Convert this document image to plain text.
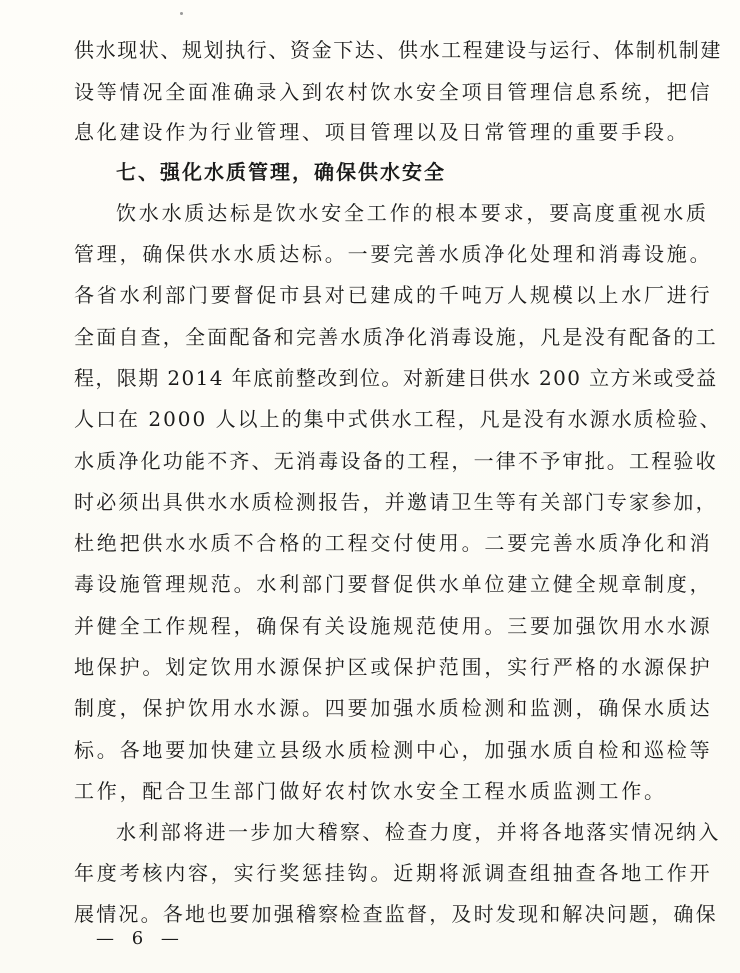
供水现状、规划执行、资金下达、供水工程建设与运行、体制机制建
设等情况全面准确录入到农村饮水安全项目管理信息系统，把信
息化建设作为行业管理、项目管理以及日常管理的重要手段。
七、强化水质管理，确保供水安全
饮水水质达标是饮水安全工作的根本要求，要高度重视水质
管理，确保供水水质达标。一要完善水质净化处理和消毒设施。
各省水利部门要督促市县对已建成的千吨万人规模以上水厂进行
全面自查，全面配备和完善水质净化消毒设施，凡是没有配备的工
程，限期 2014 年底前整改到位。对新建日供水 200 立方米或受益
人口在 2000 人以上的集中式供水工程，凡是没有水源水质检验、
水质净化功能不齐、无消毒设备的工程，一律不予审批。工程验收
时必须出具供水水质检测报告，并邀请卫生等有关部门专家参加，
杜绝把供水水质不合格的工程交付使用。二要完善水质净化和消
毒设施管理规范。水利部门要督促供水单位建立健全规章制度，
并健全工作规程，确保有关设施规范使用。三要加强饮用水水源
地保护。划定饮用水源保护区或保护范围，实行严格的水源保护
制度，保护饮用水水源。四要加强水质检测和监测，确保水质达
标。各地要加快建立县级水质检测中心，加强水质自检和巡检等
工作，配合卫生部门做好农村饮水安全工程水质监测工作。
水利部将进一步加大稽察、检查力度，并将各地落实情况纳入
年度考核内容，实行奖惩挂钩。近期将派调查组抽查各地工作开
展情况。各地也要加强稽察检查监督，及时发现和解决问题，确保
— 6 —
